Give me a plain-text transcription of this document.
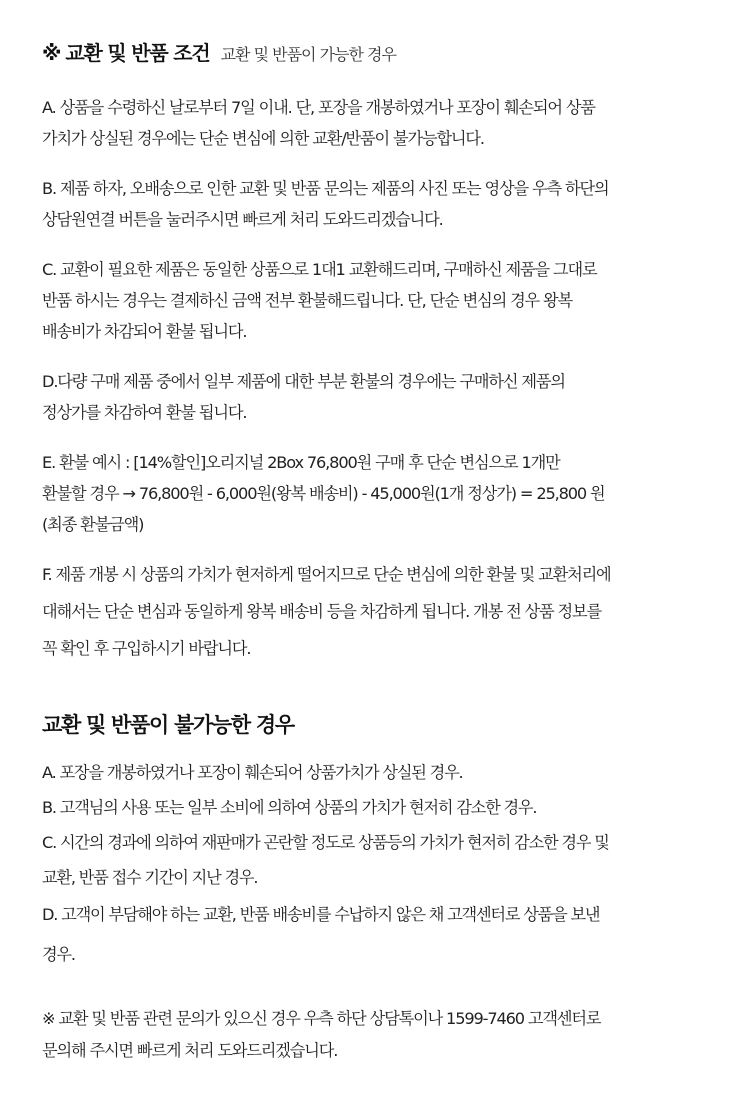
※ 교환 및 반품 조건 교환 및 반품이 가능한 경우

A. 상품을 수령하신 날로부터 7일 이내. 단, 포장을 개봉하였거나 포장이 훼손되어 상품
가치가 상실된 경우에는 단순 변심에 의한 교환/반품이 불가능합니다.

B. 제품 하자, 오배송으로 인한 교환 및 반품 문의는 제품의 사진 또는 영상을 우측 하단의
상담원연결 버튼을 눌러주시면 빠르게 처리 도와드리겠습니다.

C. 교환이 필요한 제품은 동일한 상품으로 1대1 교환해드리며, 구매하신 제품을 그대로
반품 하시는 경우는 결제하신 금액 전부 환불해드립니다. 단, 단순 변심의 경우 왕복
배송비가 차감되어 환불 됩니다.

D.다량 구매 제품 중에서 일부 제품에 대한 부분 환불의 경우에는 구매하신 제품의
정상가를 차감하여 환불 됩니다.

E. 환불 예시 : [14%할인]오리지널 2Box 76,800원 구매 후 단순 변심으로 1개만
환불할 경우 → 76,800원 - 6,000원(왕복 배송비) - 45,000원(1개 정상가) = 25,800 원
(최종 환불금액)

F. 제품 개봉 시 상품의 가치가 현저하게 떨어지므로 단순 변심에 의한 환불 및 교환처리에
대해서는 단순 변심과 동일하게 왕복 배송비 등을 차감하게 됩니다. 개봉 전 상품 정보를
꼭 확인 후 구입하시기 바랍니다.

교환 및 반품이 불가능한 경우
A. 포장을 개봉하였거나 포장이 훼손되어 상품가치가 상실된 경우.
B. 고객님의 사용 또는 일부 소비에 의하여 상품의 가치가 현저히 감소한 경우.
C. 시간의 경과에 의하여 재판매가 곤란할 정도로 상품등의 가치가 현저히 감소한 경우 및
교환, 반품 접수 기간이 지난 경우.
D. 고객이 부담해야 하는 교환, 반품 배송비를 수납하지 않은 채 고객센터로 상품을 보낸
경우.

※ 교환 및 반품 관련 문의가 있으신 경우 우측 하단 상담톡이나 1599-7460 고객센터로
문의해 주시면 빠르게 처리 도와드리겠습니다.
